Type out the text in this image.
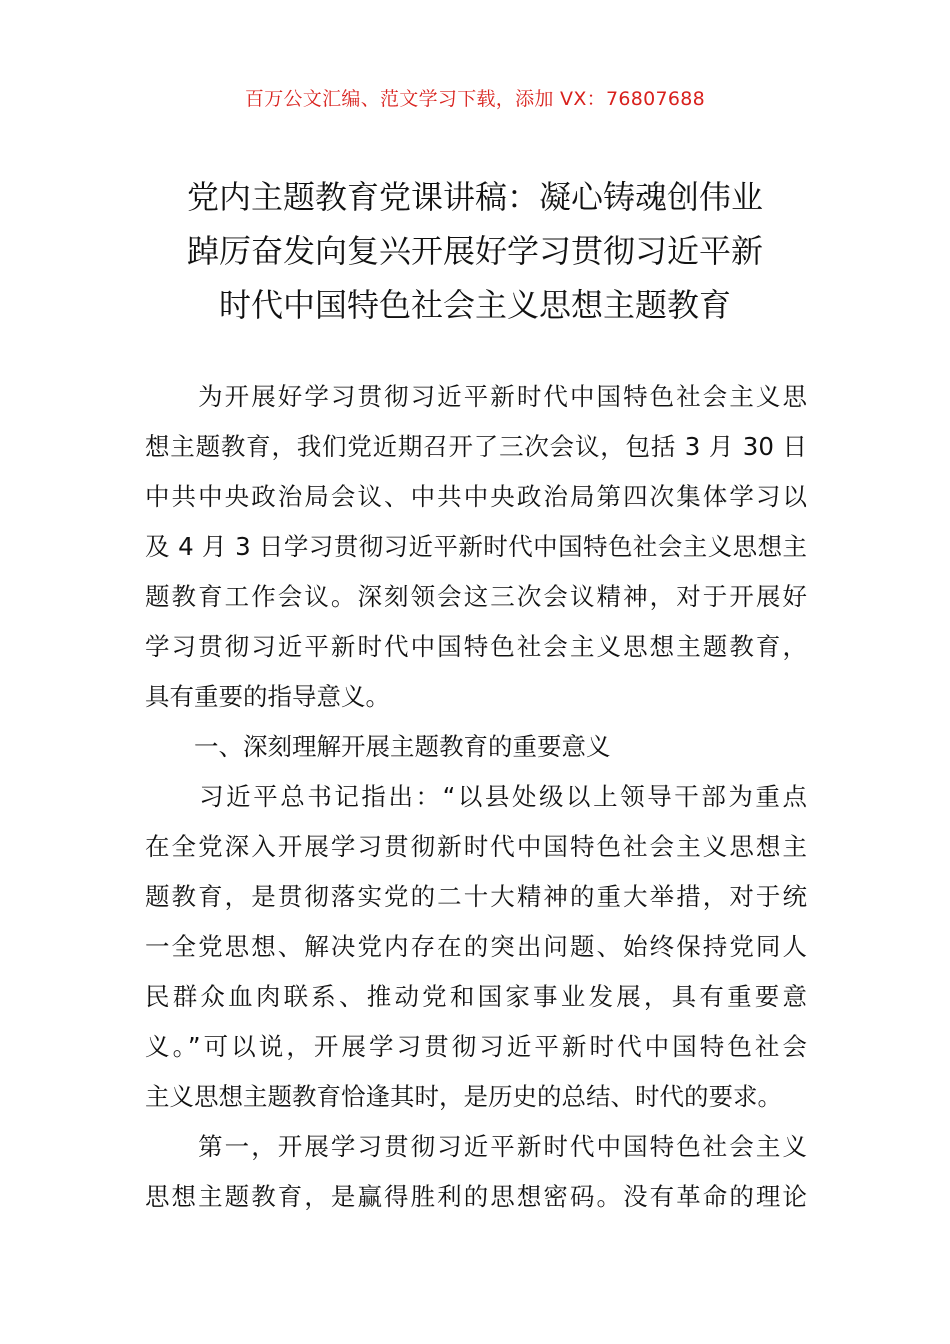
百万公文汇编、范文学习下载，添加 VX：76807688
党内主题教育党课讲稿：凝心铸魂创伟业
踔厉奋发向复兴开展好学习贯彻习近平新
时代中国特色社会主义思想主题教育
　　为开展好学习贯彻习近平新时代中国特色社会主义思
想主题教育，我们党近期召开了三次会议，包括 3 月 30 日
中共中央政治局会议、中共中央政治局第四次集体学习以
及 4 月 3 日学习贯彻习近平新时代中国特色社会主义思想主
题教育工作会议。深刻领会这三次会议精神，对于开展好
学习贯彻习近平新时代中国特色社会主义思想主题教育，
具有重要的指导意义。
　　一、深刻理解开展主题教育的重要意义
　　习近平总书记指出：“以县处级以上领导干部为重点
在全党深入开展学习贯彻新时代中国特色社会主义思想主
题教育，是贯彻落实党的二十大精神的重大举措，对于统
一全党思想、解决党内存在的突出问题、始终保持党同人
民群众血肉联系、推动党和国家事业发展，具有重要意
义。”可以说，开展学习贯彻习近平新时代中国特色社会
主义思想主题教育恰逢其时，是历史的总结、时代的要求。
　　第一，开展学习贯彻习近平新时代中国特色社会主义
思想主题教育，是赢得胜利的思想密码。没有革命的理论
